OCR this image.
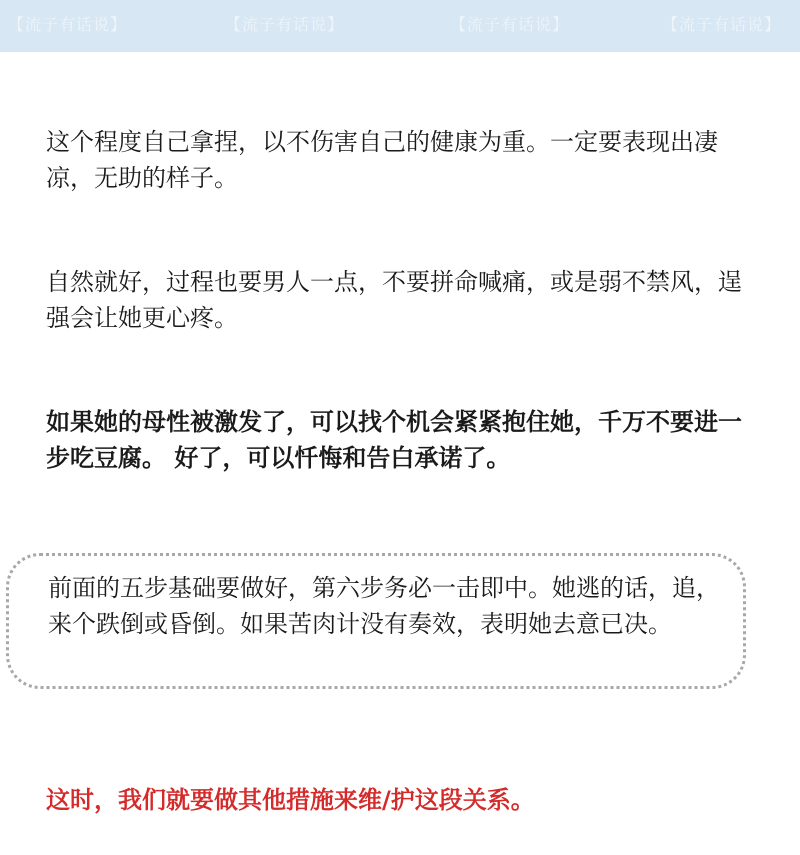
【流子有话说】	【流子有话说】	【流子有话说】	【流子有话说】

这个程度自己拿捏，以不伤害自己的健康为重。一定要表现出凄凉，无助的样子。

自然就好，过程也要男人一点，不要拼命喊痛，或是弱不禁风，逞强会让她更心疼。

如果她的母性被激发了，可以找个机会紧紧抱住她，千万不要进一步吃豆腐。 好了，可以忏悔和告白承诺了。

前面的五步基础要做好，第六步务必一击即中。她逃的话，追，来个跌倒或昏倒。如果苦肉计没有奏效，表明她去意已决。

这时，我们就要做其他措施来维/护这段关系。
